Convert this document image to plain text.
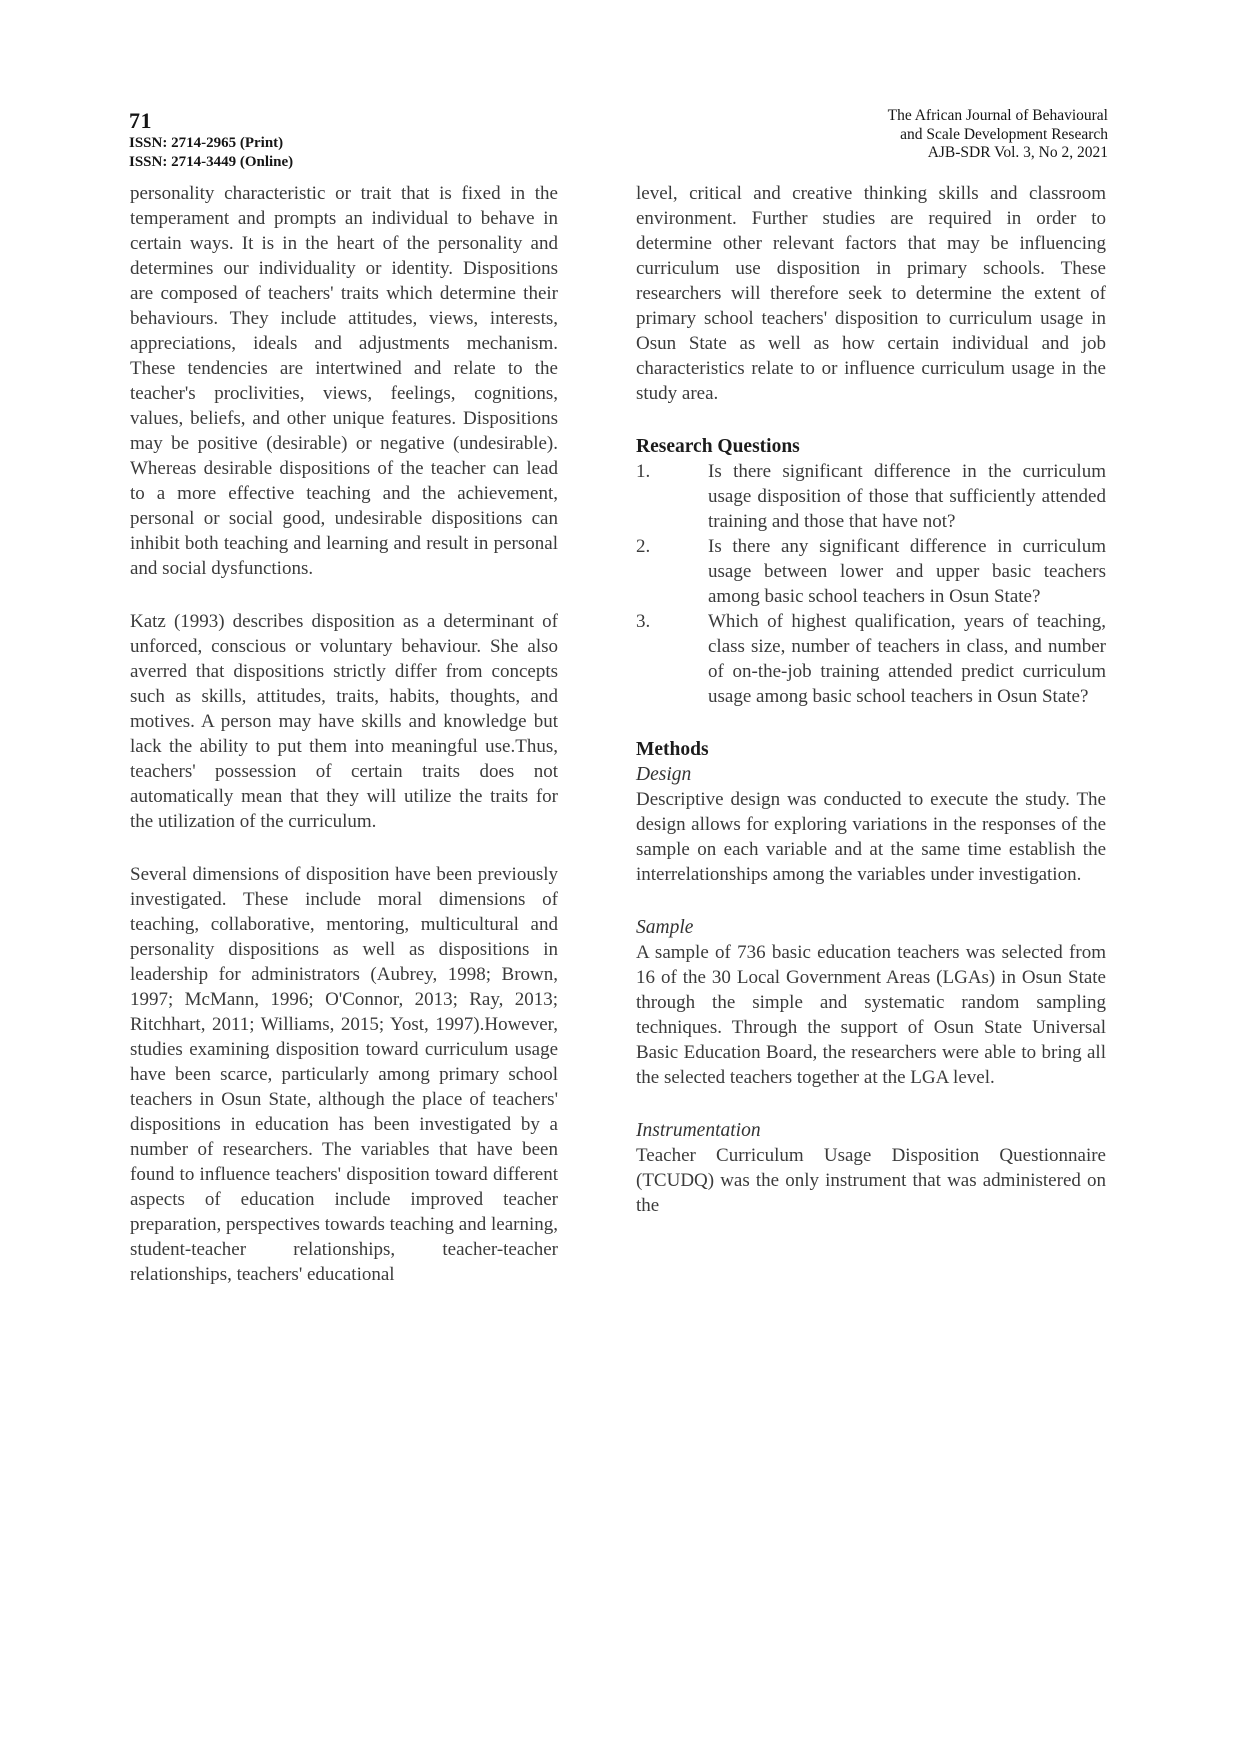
71
ISSN: 2714-2965 (Print)
ISSN: 2714-3449 (Online)
The African Journal of Behavioural
and Scale Development Research
AJB-SDR Vol. 3, No 2, 2021

personality characteristic or trait that is fixed in the temperament and prompts an individual to behave in certain ways. It is in the heart of the personality and determines our individuality or identity. Dispositions are composed of teachers' traits which determine their behaviours. They include attitudes, views, interests, appreciations, ideals and adjustments mechanism. These tendencies are intertwined and relate to the teacher's proclivities, views, feelings, cognitions, values, beliefs, and other unique features. Dispositions may be positive (desirable) or negative (undesirable). Whereas desirable dispositions of the teacher can lead to a more effective teaching and the achievement, personal or social good, undesirable dispositions can inhibit both teaching and learning and result in personal and social dysfunctions.

Katz (1993) describes disposition as a determinant of unforced, conscious or voluntary behaviour. She also averred that dispositions strictly differ from concepts such as skills, attitudes, traits, habits, thoughts, and motives. A person may have skills and knowledge but lack the ability to put them into meaningful use.Thus, teachers' possession of certain traits does not automatically mean that they will utilize the traits for the utilization of the curriculum.

Several dimensions of disposition have been previously investigated. These include moral dimensions of teaching, collaborative, mentoring, multicultural and personality dispositions as well as dispositions in leadership for administrators (Aubrey, 1998; Brown, 1997; McMann, 1996; O'Connor, 2013; Ray, 2013; Ritchhart, 2011; Williams, 2015; Yost, 1997).However, studies examining disposition toward curriculum usage have been scarce, particularly among primary school teachers in Osun State, although the place of teachers' dispositions in education has been investigated by a number of researchers. The variables that have been found to influence teachers' disposition toward different aspects of education include improved teacher preparation, perspectives towards teaching and learning, student-teacher relationships, teacher-teacher relationships, teachers' educational

level, critical and creative thinking skills and classroom environment. Further studies are required in order to determine other relevant factors that may be influencing curriculum use disposition in primary schools. These researchers will therefore seek to determine the extent of primary school teachers' disposition to curriculum usage in Osun State as well as how certain individual and job characteristics relate to or influence curriculum usage in the study area.

Research Questions
1.	Is there significant difference in the curriculum usage disposition of those that sufficiently attended training and those that have not?
2.	Is there any significant difference in curriculum usage between lower and upper basic teachers among basic school teachers in Osun State?
3.	Which of highest qualification, years of teaching, class size, number of teachers in class, and number of on-the-job training attended predict curriculum usage among basic school teachers in Osun State?
Methods
Design

Descriptive design was conducted to execute the study. The design allows for exploring variations in the responses of the sample on each variable and at the same time establish the interrelationships among the variables under investigation.

Sample

A sample of 736 basic education teachers was selected from 16 of the 30 Local Government Areas (LGAs) in Osun State through the simple and systematic random sampling techniques. Through the support of Osun State Universal Basic Education Board, the researchers were able to bring all the selected teachers together at the LGA level.

Instrumentation

Teacher Curriculum Usage Disposition Questionnaire (TCUDQ) was the only instrument that was administered on the
